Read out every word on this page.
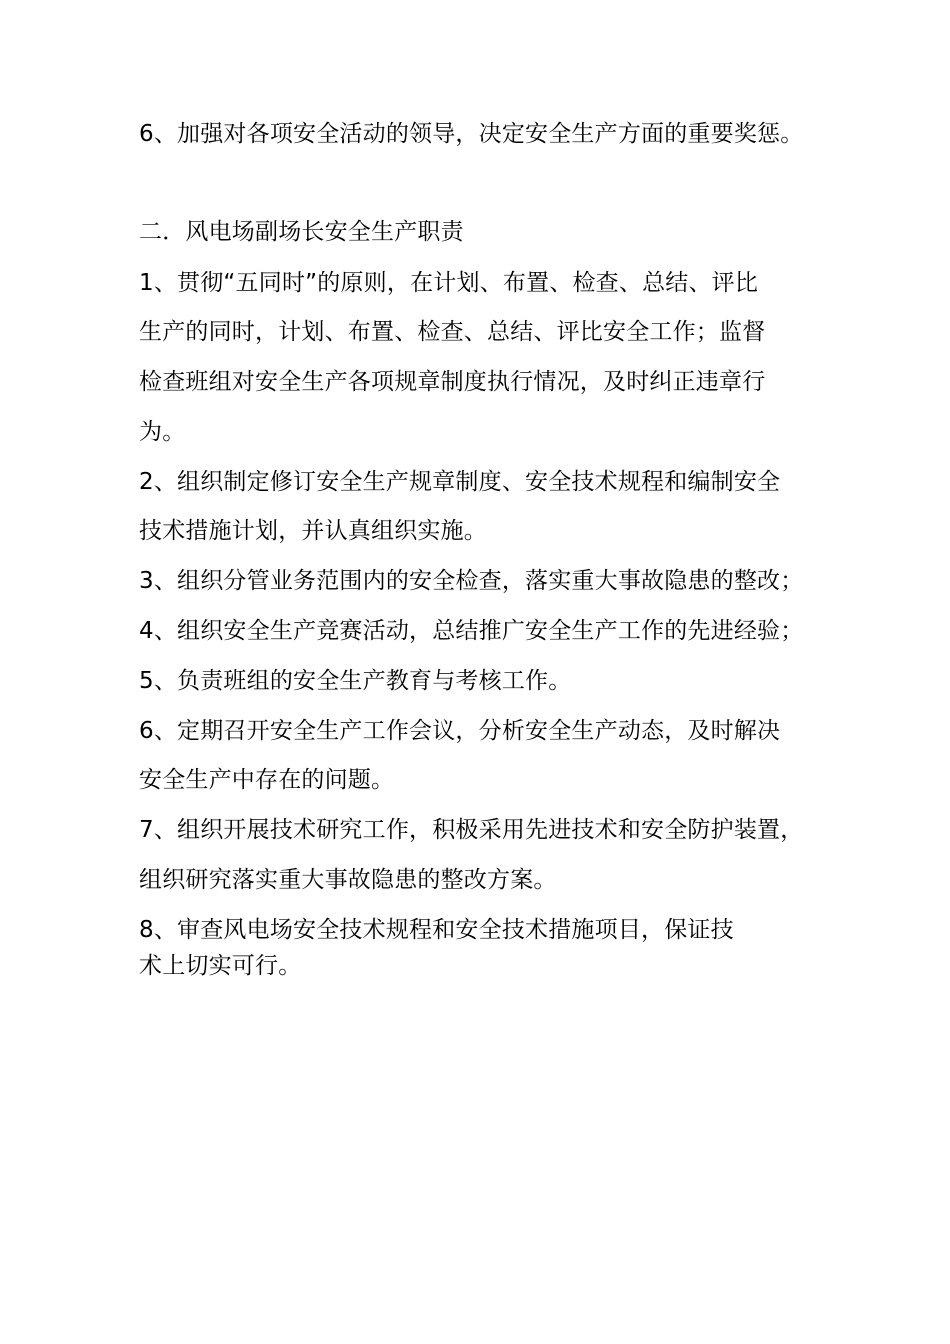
6、加强对各项安全活动的领导，决定安全生产方面的重要奖惩。
二．风电场副场长安全生产职责
1、贯彻“五同时”的原则，在计划、布置、检查、总结、评比
生产的同时，计划、布置、检查、总结、评比安全工作；监督
检查班组对安全生产各项规章制度执行情况，及时纠正违章行
为。
2、组织制定修订安全生产规章制度、安全技术规程和编制安全
技术措施计划，并认真组织实施。
3、组织分管业务范围内的安全检查，落实重大事故隐患的整改；
4、组织安全生产竞赛活动，总结推广安全生产工作的先进经验；
5、负责班组的安全生产教育与考核工作。
6、定期召开安全生产工作会议，分析安全生产动态，及时解决
安全生产中存在的问题。
7、组织开展技术研究工作，积极采用先进技术和安全防护装置，
组织研究落实重大事故隐患的整改方案。
8、审查风电场安全技术规程和安全技术措施项目，保证技
术上切实可行。
